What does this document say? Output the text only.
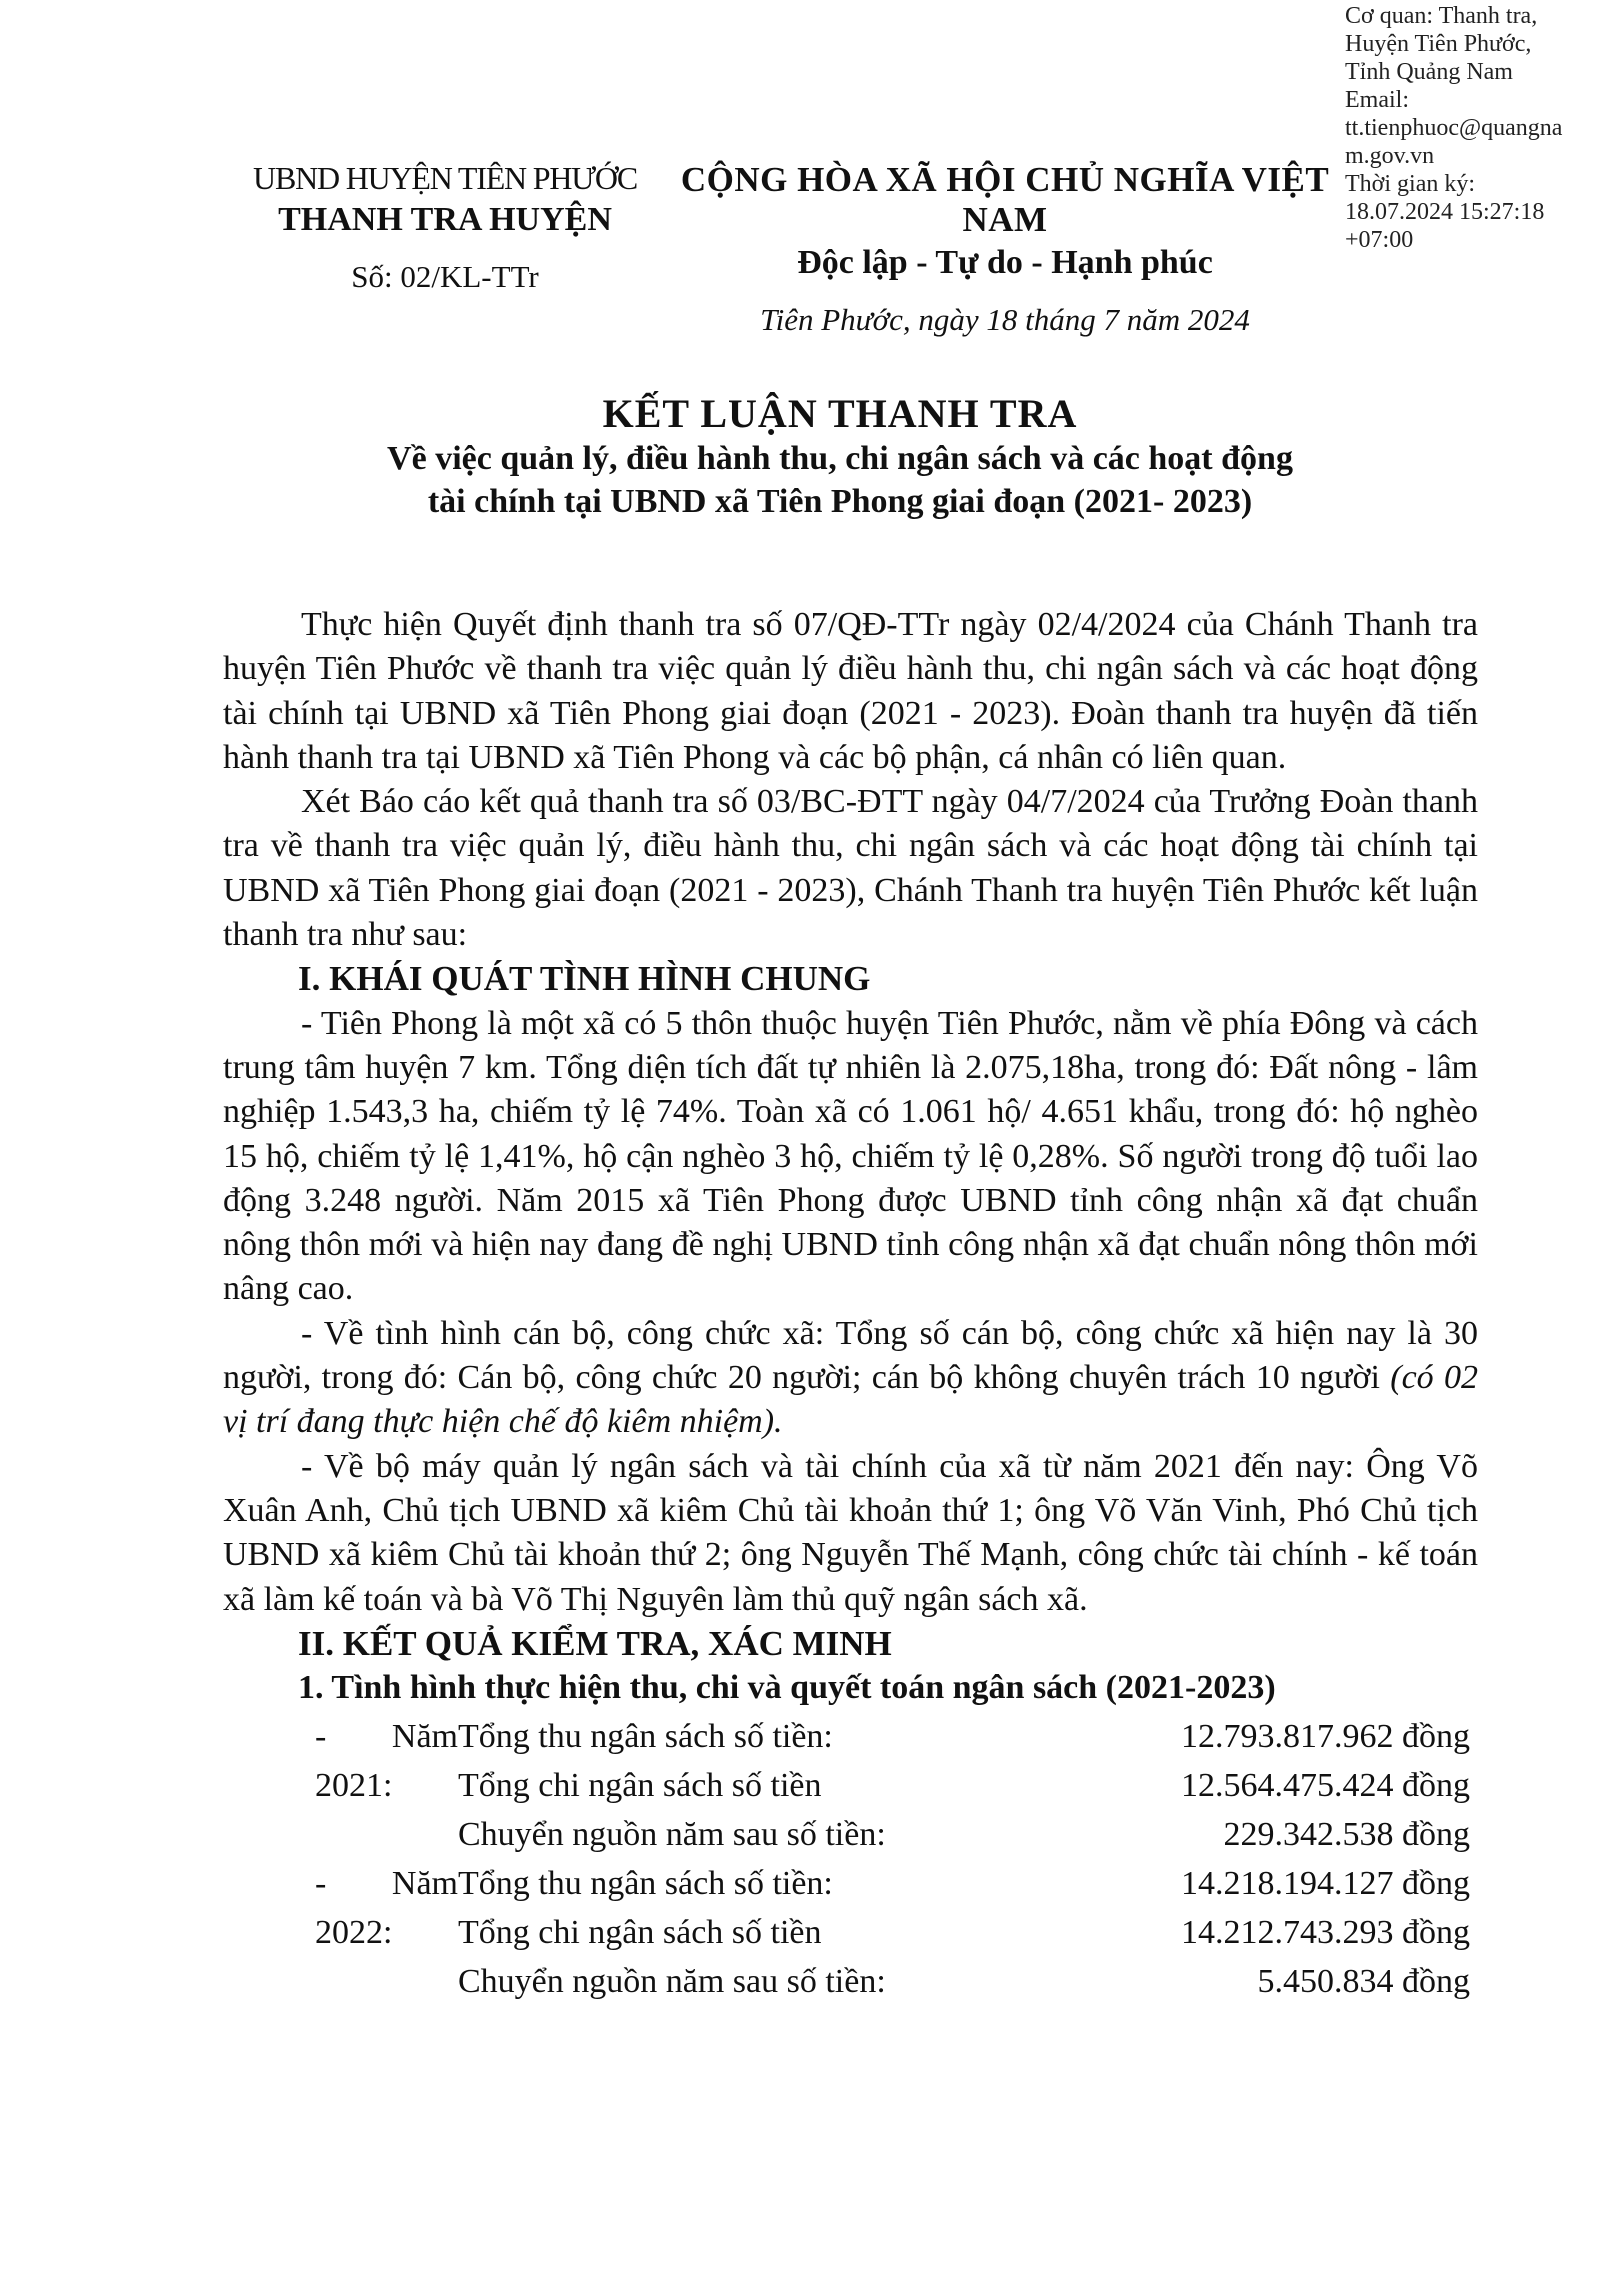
Cơ quan: Thanh tra,
Huyện Tiên Phước,
Tỉnh Quảng Nam
Email:
tt.tienphuoc@quangna
m.gov.vn
Thời gian ký:
18.07.2024 15:27:18
+07:00
UBND HUYỆN TIÊN PHƯỚC
THANH TRA HUYỆN
Số: 02/KL-TTr
CỘNG HÒA XÃ HỘI CHỦ NGHĨA VIỆT NAM
Độc lập - Tự do - Hạnh phúc
Tiên Phước, ngày 18 tháng 7 năm 2024
KẾT LUẬN THANH TRA
Về việc quản lý, điều hành thu, chi ngân sách và các hoạt động
tài chính tại UBND xã Tiên Phong giai đoạn (2021- 2023)

Thực hiện Quyết định thanh tra số 07/QĐ-TTr ngày 02/4/2024 của Chánh Thanh tra huyện Tiên Phước về thanh tra việc quản lý điều hành thu, chi ngân sách và các hoạt động tài chính tại UBND xã Tiên Phong giai đoạn (2021 - 2023). Đoàn thanh tra huyện đã tiến hành thanh tra tại UBND xã Tiên Phong và các bộ phận, cá nhân có liên quan.

Xét Báo cáo kết quả thanh tra số 03/BC-ĐTT ngày 04/7/2024 của Trưởng Đoàn thanh tra về thanh tra việc quản lý, điều hành thu, chi ngân sách và các hoạt động tài chính tại UBND xã Tiên Phong giai đoạn (2021 - 2023), Chánh Thanh tra huyện Tiên Phước kết luận thanh tra như sau:

I. KHÁI QUÁT TÌNH HÌNH CHUNG

- Tiên Phong là một xã có 5 thôn thuộc huyện Tiên Phước, nằm về phía Đông và cách trung tâm huyện 7 km. Tổng diện tích đất tự nhiên là 2.075,18ha, trong đó: Đất nông - lâm nghiệp 1.543,3 ha, chiếm tỷ lệ 74%. Toàn xã có 1.061 hộ/ 4.651 khẩu, trong đó: hộ nghèo 15 hộ, chiếm tỷ lệ 1,41%, hộ cận nghèo 3 hộ, chiếm tỷ lệ 0,28%. Số người trong độ tuổi lao động 3.248 người. Năm 2015 xã Tiên Phong được UBND tỉnh công nhận xã đạt chuẩn nông thôn mới và hiện nay đang đề nghị UBND tỉnh công nhận xã đạt chuẩn nông thôn mới nâng cao.

- Về tình hình cán bộ, công chức xã: Tổng số cán bộ, công chức xã hiện nay là 30 người, trong đó: Cán bộ, công chức 20 người; cán bộ không chuyên trách 10 người (có 02 vị trí đang thực hiện chế độ kiêm nhiệm).

- Về bộ máy quản lý ngân sách và tài chính của xã từ năm 2021 đến nay: Ông Võ Xuân Anh, Chủ tịch UBND xã kiêm Chủ tài khoản thứ 1; ông Võ Văn Vinh, Phó Chủ tịch UBND xã kiêm Chủ tài khoản thứ 2; ông Nguyễn Thế Mạnh, công chức tài chính - kế toán xã làm kế toán và bà Võ Thị Nguyên làm thủ quỹ ngân sách xã.

II. KẾT QUẢ KIỂM TRA, XÁC MINH
1. Tình hình thực hiện thu, chi và quyết toán ngân sách (2021-2023)
- Năm 2021:
Tổng thu ngân sách số tiền:	12.793.817.962 đồng
Tổng chi ngân sách số tiền	12.564.475.424 đồng
Chuyển nguồn năm sau số tiền:	229.342.538 đồng
- Năm 2022:
Tổng thu ngân sách số tiền:	14.218.194.127 đồng
Tổng chi ngân sách số tiền	14.212.743.293 đồng
Chuyển nguồn năm sau số tiền:	5.450.834 đồng
